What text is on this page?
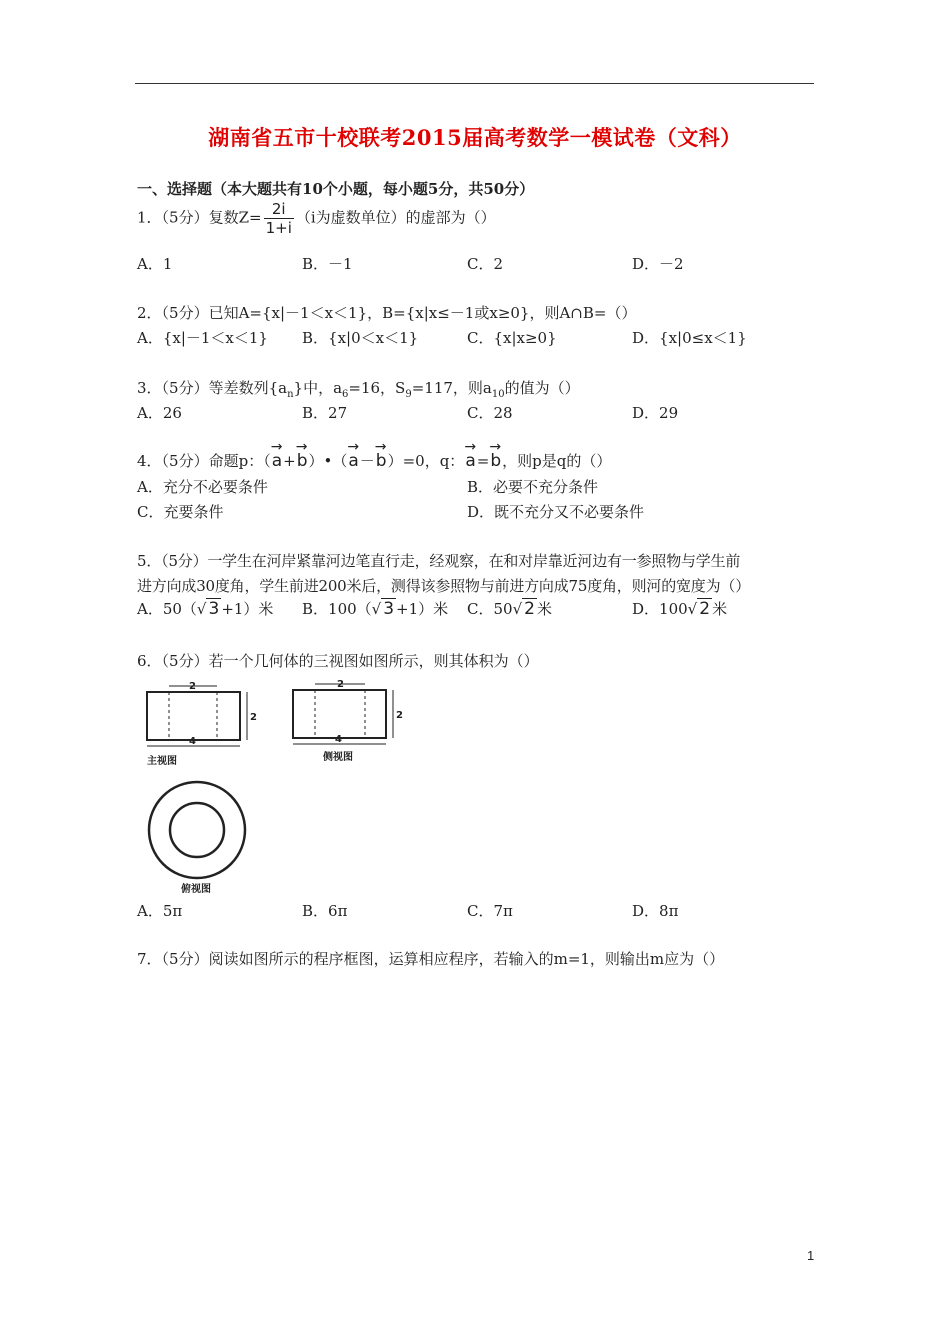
湖南省五市十校联考2015届高考数学一模试卷（文科）
一、选择题（本大题共有10个小题，每小题5分，共50分）
1．（5分）复数$Z= \frac{2i}{1+i} (i$为虚数单位）的虚部为（）
A．1	B．－1	C．2	D．－2
2．（5分）已知A={x|－1＜x＜1}，B={x|x≤－1或x≥0}，则A∩B=（）
A．{x|－1＜x＜1} B．{x|0＜x＜1}	C．{x|x≥0}	D．{x|0≤x＜1}
3．（5分）等差数列$\{a_n\}$中，$a_6=16$，$S_9=117$，则$a_{10}$的值为（）
A．26	B．27	C．28	D．29
4．（5分）命题p：（→ a+→ b）•（→ a－→ b）=0，q：→ a=→ b，则p是q的（）
A．充分不必要条件	B．必要不充分条件
C．充要条件	D．既不充分又不必要条件
5．（5分）一学生在河岸紧靠河边笔直行走，经观察，在和对岸靠近河边有一参照物与学生前
进方向成30度角，学生前进200米后，测得该参照物与前进方向成75度角，则河的宽度为（）
A．50（√ 3 +1）米 B．100（√ 3 +1）米 C．50√ 2 米	D．100√ 2 米
6．（5分）若一个几何体的三视图如图所示，则其体积为（）
2
2
4
主视图
2
2
4
侧视图
俯视图
A．5π	B．6π	C．7π	D．8π
7．（5分）阅读如图所示的程序框图，运算相应程序，若输入的m=1，则输出m应为（）
1
